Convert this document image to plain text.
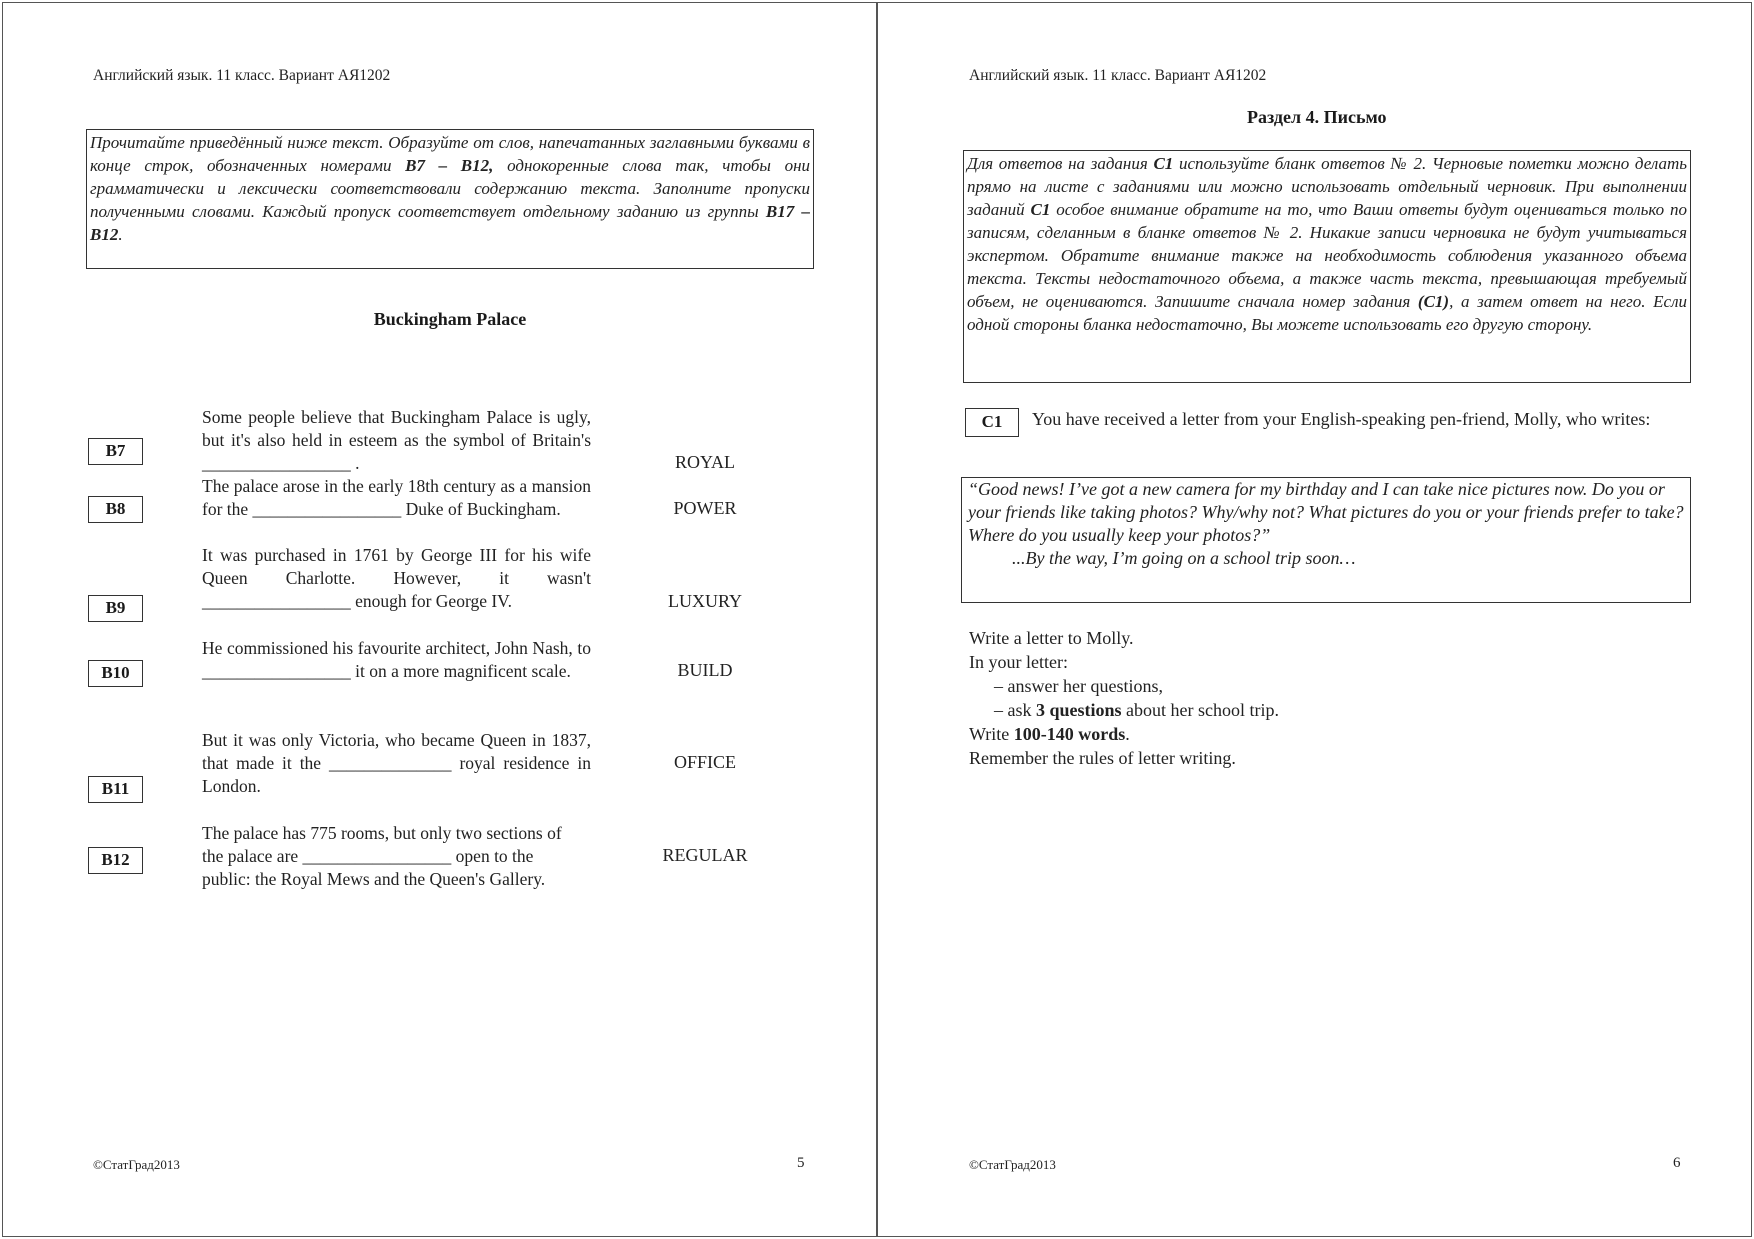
Английский язык. 11 класс. Вариант АЯ1202
Прочитайте приведённый ниже текст. Образуйте от слов, напечатанных заглавными буквами в конце строк, обозначенных номерами B7 – B12, однокоренные слова так, чтобы они грамматически и лексически соответствовали содержанию текста. Заполните пропуски полученными словами. Каждый пропуск соответствует отдельному заданию из группы B17 – B12.
Buckingham Palace
B7
Some people believe that Buckingham Palace is ugly, but it's also held in esteem as the symbol of Britain's _________________ .	ROYAL
B8
The palace arose in the early 18th century as a mansion for the _________________ Duke of Buckingham.	POWER
B9
It was purchased in 1761 by George III for his wife Queen Charlotte. However, it wasn't _________________ enough for George IV.	LUXURY
B10
He commissioned his favourite architect, John Nash, to _________________ it on a more magnificent scale.	BUILD
B11
But it was only Victoria, who became Queen in 1837, that made it the ______________ royal residence in London.
OFFICE
B12
The palace has 775 rooms, but only two sections of the palace are _________________ open to the public: the Royal Mews and the Queen's Gallery.
REGULAR
©СтатГрад2013	5
Английский язык. 11 класс. Вариант АЯ1202
Раздел 4. Письмо
Для ответов на задания C1 используйте бланк ответов № 2. Черновые пометки можно делать прямо на листе с заданиями или можно использовать отдельный черновик. При выполнении заданий C1 особое внимание обратите на то, что Ваши ответы будут оцениваться только по записям, сделанным в бланке ответов № 2. Никакие записи черновика не будут учитываться экспертом. Обратите внимание также на необходимость соблюдения указанного объема текста. Тексты недостаточного объема, а также часть текста, превышающая требуемый объем, не оцениваются. Запишите сначала номер задания (C1), а затем ответ на него. Если одной стороны бланка недостаточно, Вы можете использовать его другую сторону.
C1	You have received a letter from your English-speaking pen-friend, Molly, who writes:
“Good news! I’ve got a new camera for my birthday and I can take nice pictures now. Do you or your friends like taking photos? Why/why not? What pictures do you or your friends prefer to take? Where do you usually keep your photos?”
...By the way, I’m going on a school trip soon…
Write a letter to Molly.
In your letter:
– answer her questions,
– ask 3 questions about her school trip.
Write 100-140 words.
Remember the rules of letter writing.
©СтатГрад2013	6
